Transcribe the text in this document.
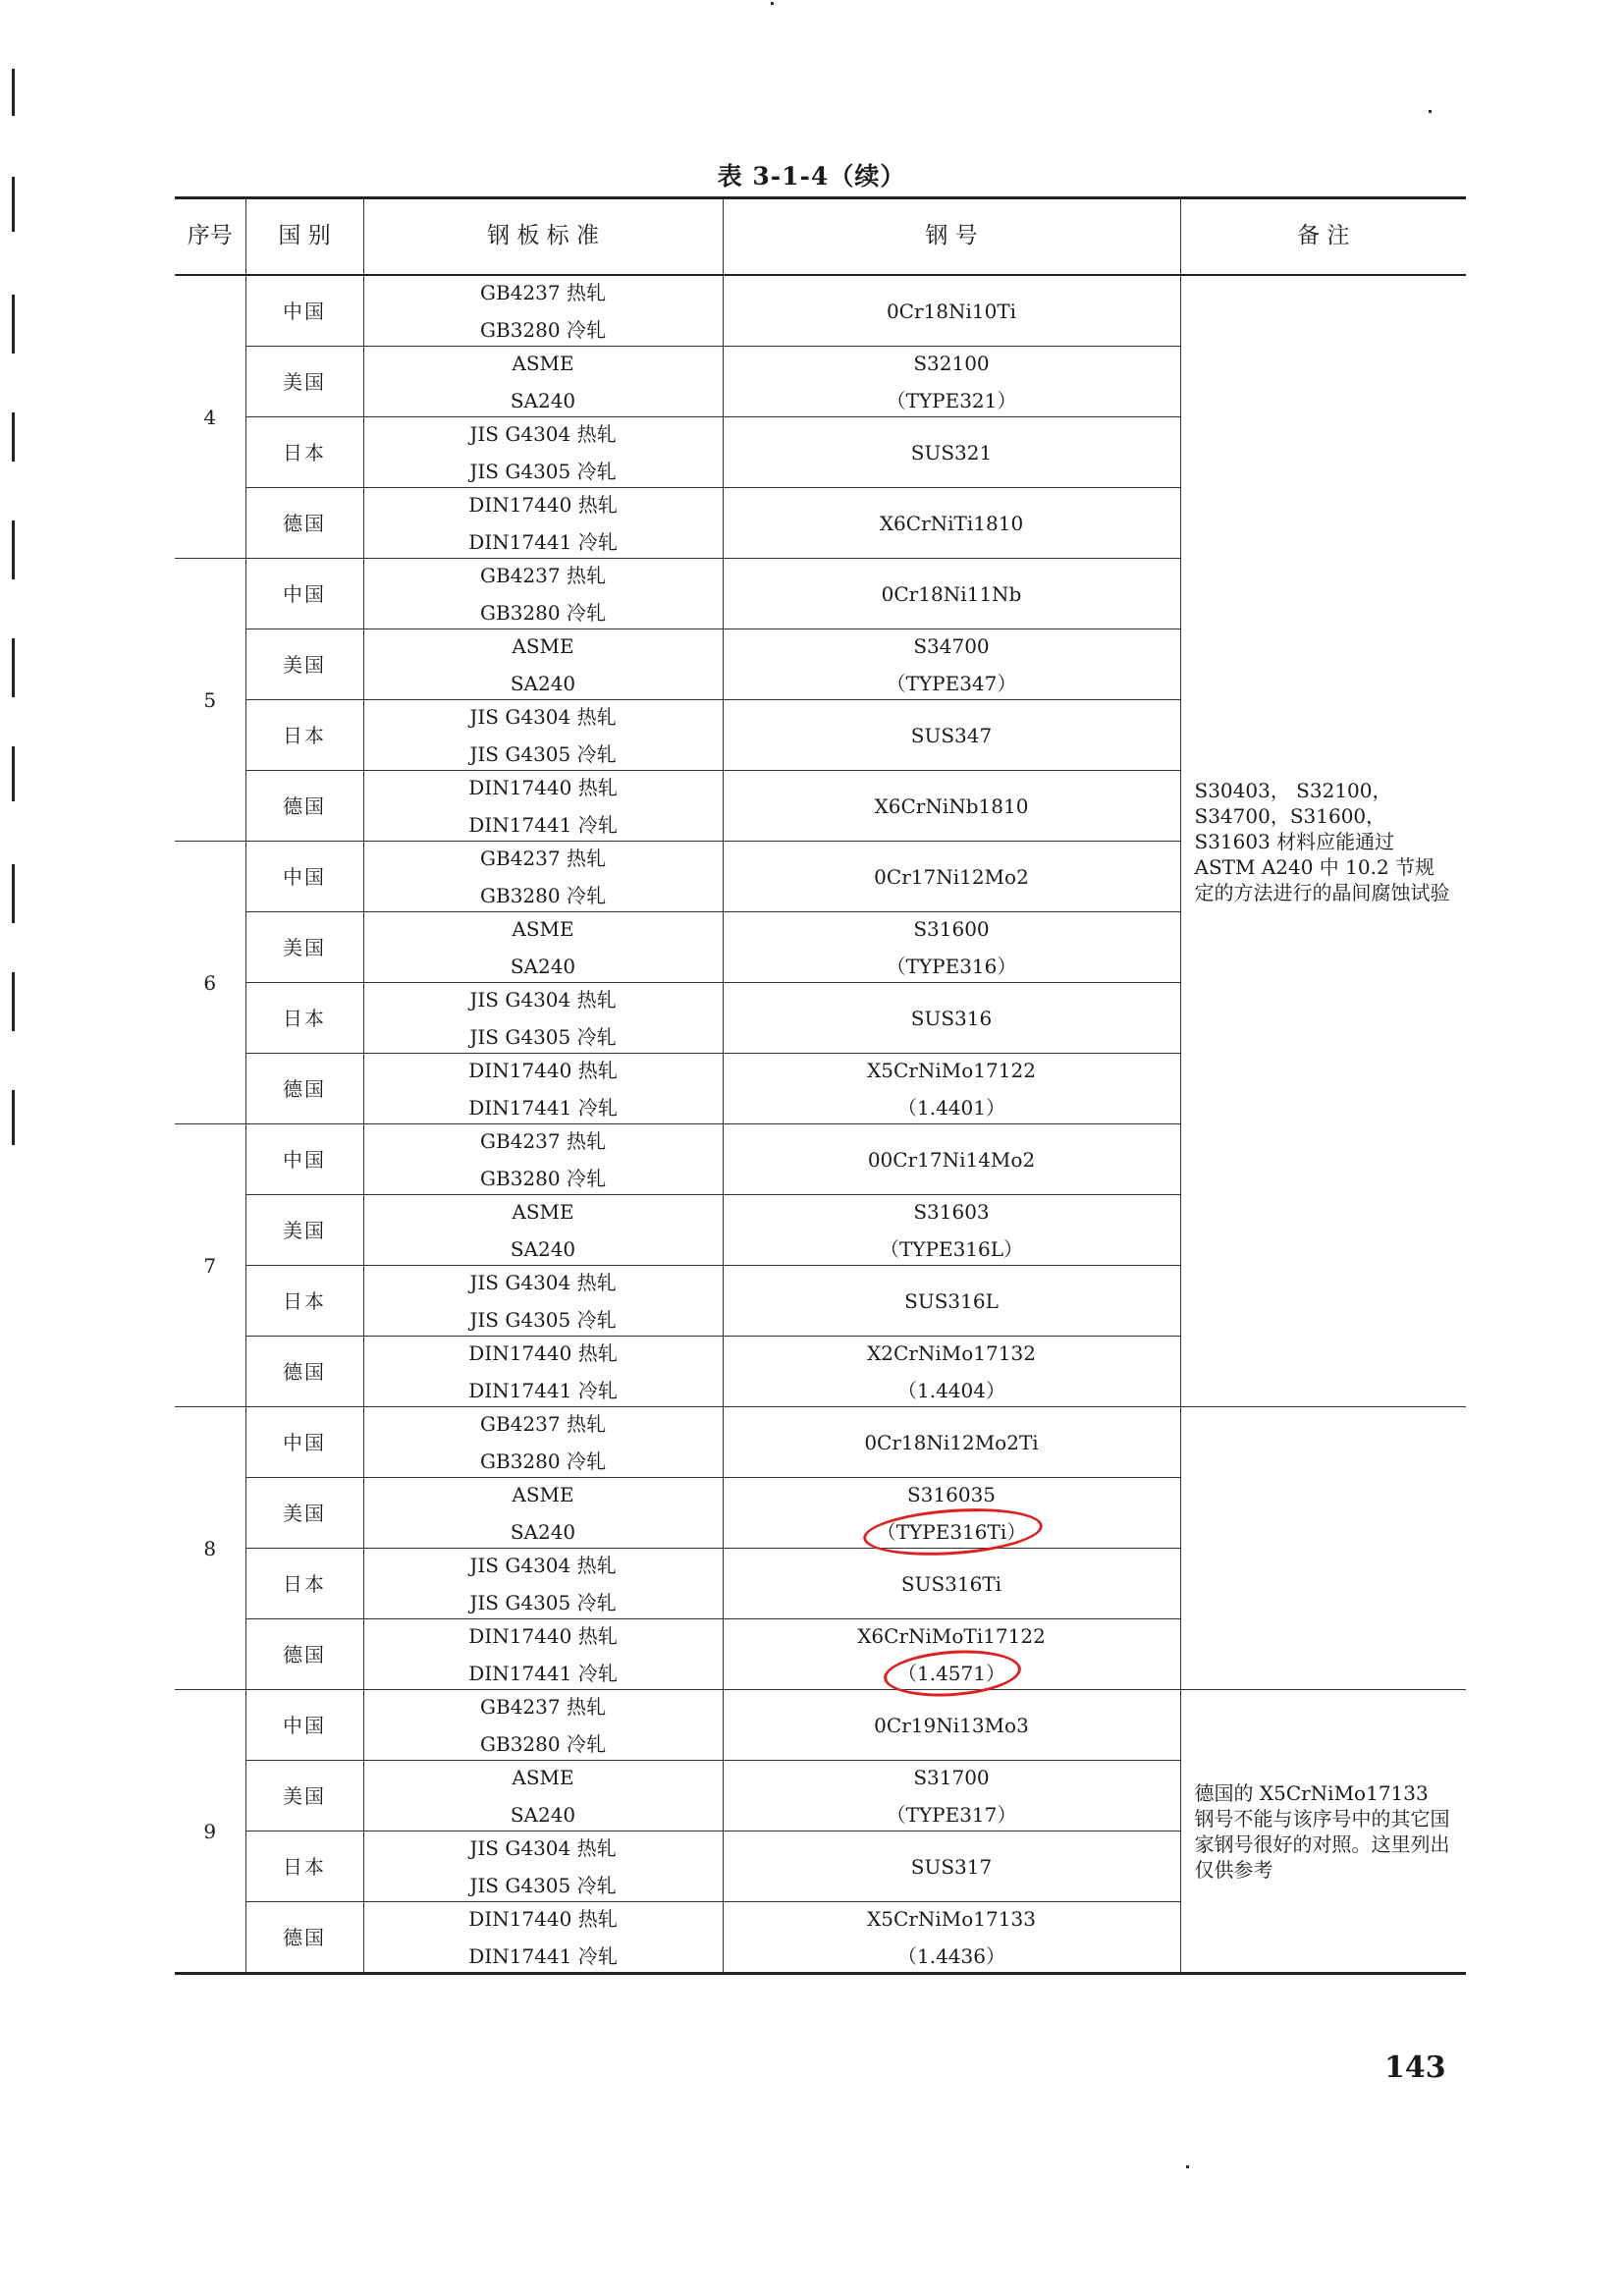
表 3-1-4（续）
序号	国 别	钢 板 标 准	钢 号	备 注
4	中国	GB4237 热轧
GB3280 冷轧	0Cr18Ni10Ti	S30403， S32100，S34700，S31600，S31603 材料应能通过 ASTM A240 中 10.2 节规定的方法进行的晶间腐蚀试验
	美国	ASME
SA240	S32100
（TYPE321）	

	日本	JIS G4304 热轧
JIS G4305 冷轧	SUS321	

	德国	DIN17440 热轧
DIN17441 冷轧	X6CrNiTi1810	

5	中国	GB4237 热轧
GB3280 冷轧	0Cr18Ni11Nb	

	美国	ASME
SA240	S34700
（TYPE347）	

	日本	JIS G4304 热轧
JIS G4305 冷轧	SUS347	

	德国	DIN17440 热轧
DIN17441 冷轧	X6CrNiNb1810	

6	中国	GB4237 热轧
GB3280 冷轧	0Cr17Ni12Mo2	

	美国	ASME
SA240	S31600
（TYPE316）	

	日本	JIS G4304 热轧
JIS G4305 冷轧	SUS316	

	德国	DIN17440 热轧
DIN17441 冷轧	X5CrNiMo17122
（1.4401）	

7	中国	GB4237 热轧
GB3280 冷轧	00Cr17Ni14Mo2	

	美国	ASME
SA240	S31603
（TYPE316L）	

	日本	JIS G4304 热轧
JIS G4305 冷轧	SUS316L	

	德国	DIN17440 热轧
DIN17441 冷轧	X2CrNiMo17132
（1.4404）	

8	中国	GB4237 热轧
GB3280 冷轧	0Cr18Ni12Mo2Ti	

	美国	ASME
SA240	S316035
（TYPE316Ti）	

	日本	JIS G4304 热轧
JIS G4305 冷轧	SUS316Ti	

	德国	DIN17440 热轧
DIN17441 冷轧	X6CrNiMoTi17122
（1.4571）	

9	中国	GB4237 热轧
GB3280 冷轧	0Cr19Ni13Mo3	德国的 X5CrNiMo17133 钢号不能与该序号中的其它国家钢号很好的对照。这里列出仅供参考
	美国	ASME
SA240	S31700
（TYPE317）	

	日本	JIS G4304 热轧
JIS G4305 冷轧	SUS317	

	德国	DIN17440 热轧
DIN17441 冷轧	X5CrNiMo17133
（1.4436）	
143
